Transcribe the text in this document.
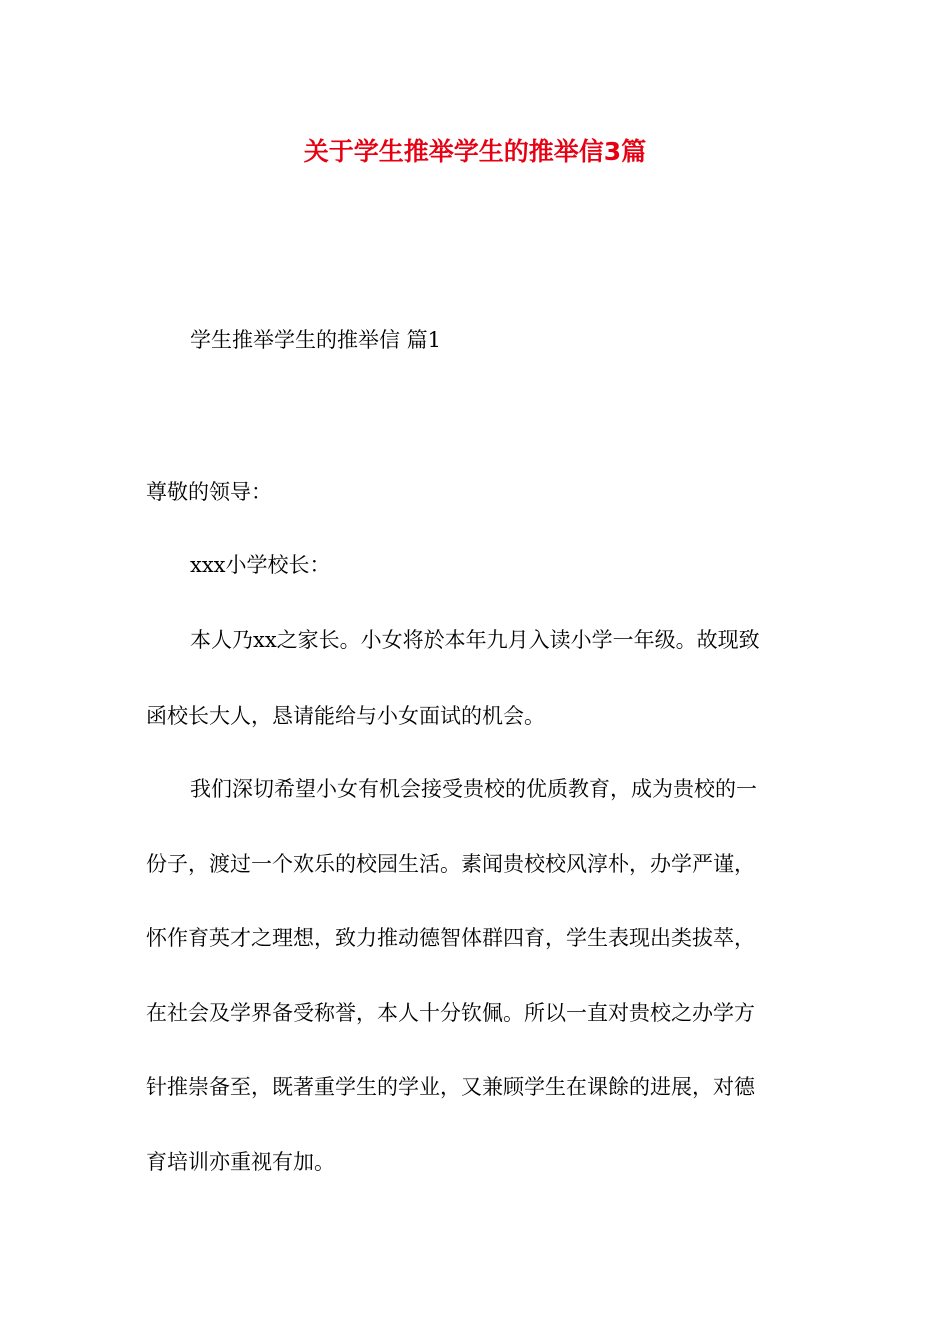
关于学生推举学生的推举信3篇
学生推举学生的推举信 篇1
尊敬的领导：
xxx小学校长：
本人乃xx之家长。小女将於本年九月入读小学一年级。故现致
函校长大人，恳请能给与小女面试的机会。
我们深切希望小女有机会接受贵校的优质教育，成为贵校的一
份子，渡过一个欢乐的校园生活。素闻贵校校风淳朴，办学严谨，
怀作育英才之理想，致力推动德智体群四育，学生表现出类拔萃，
在社会及学界备受称誉，本人十分钦佩。所以一直对贵校之办学方
针推崇备至，既著重学生的学业，又兼顾学生在课餘的进展，对德
育培训亦重视有加。
